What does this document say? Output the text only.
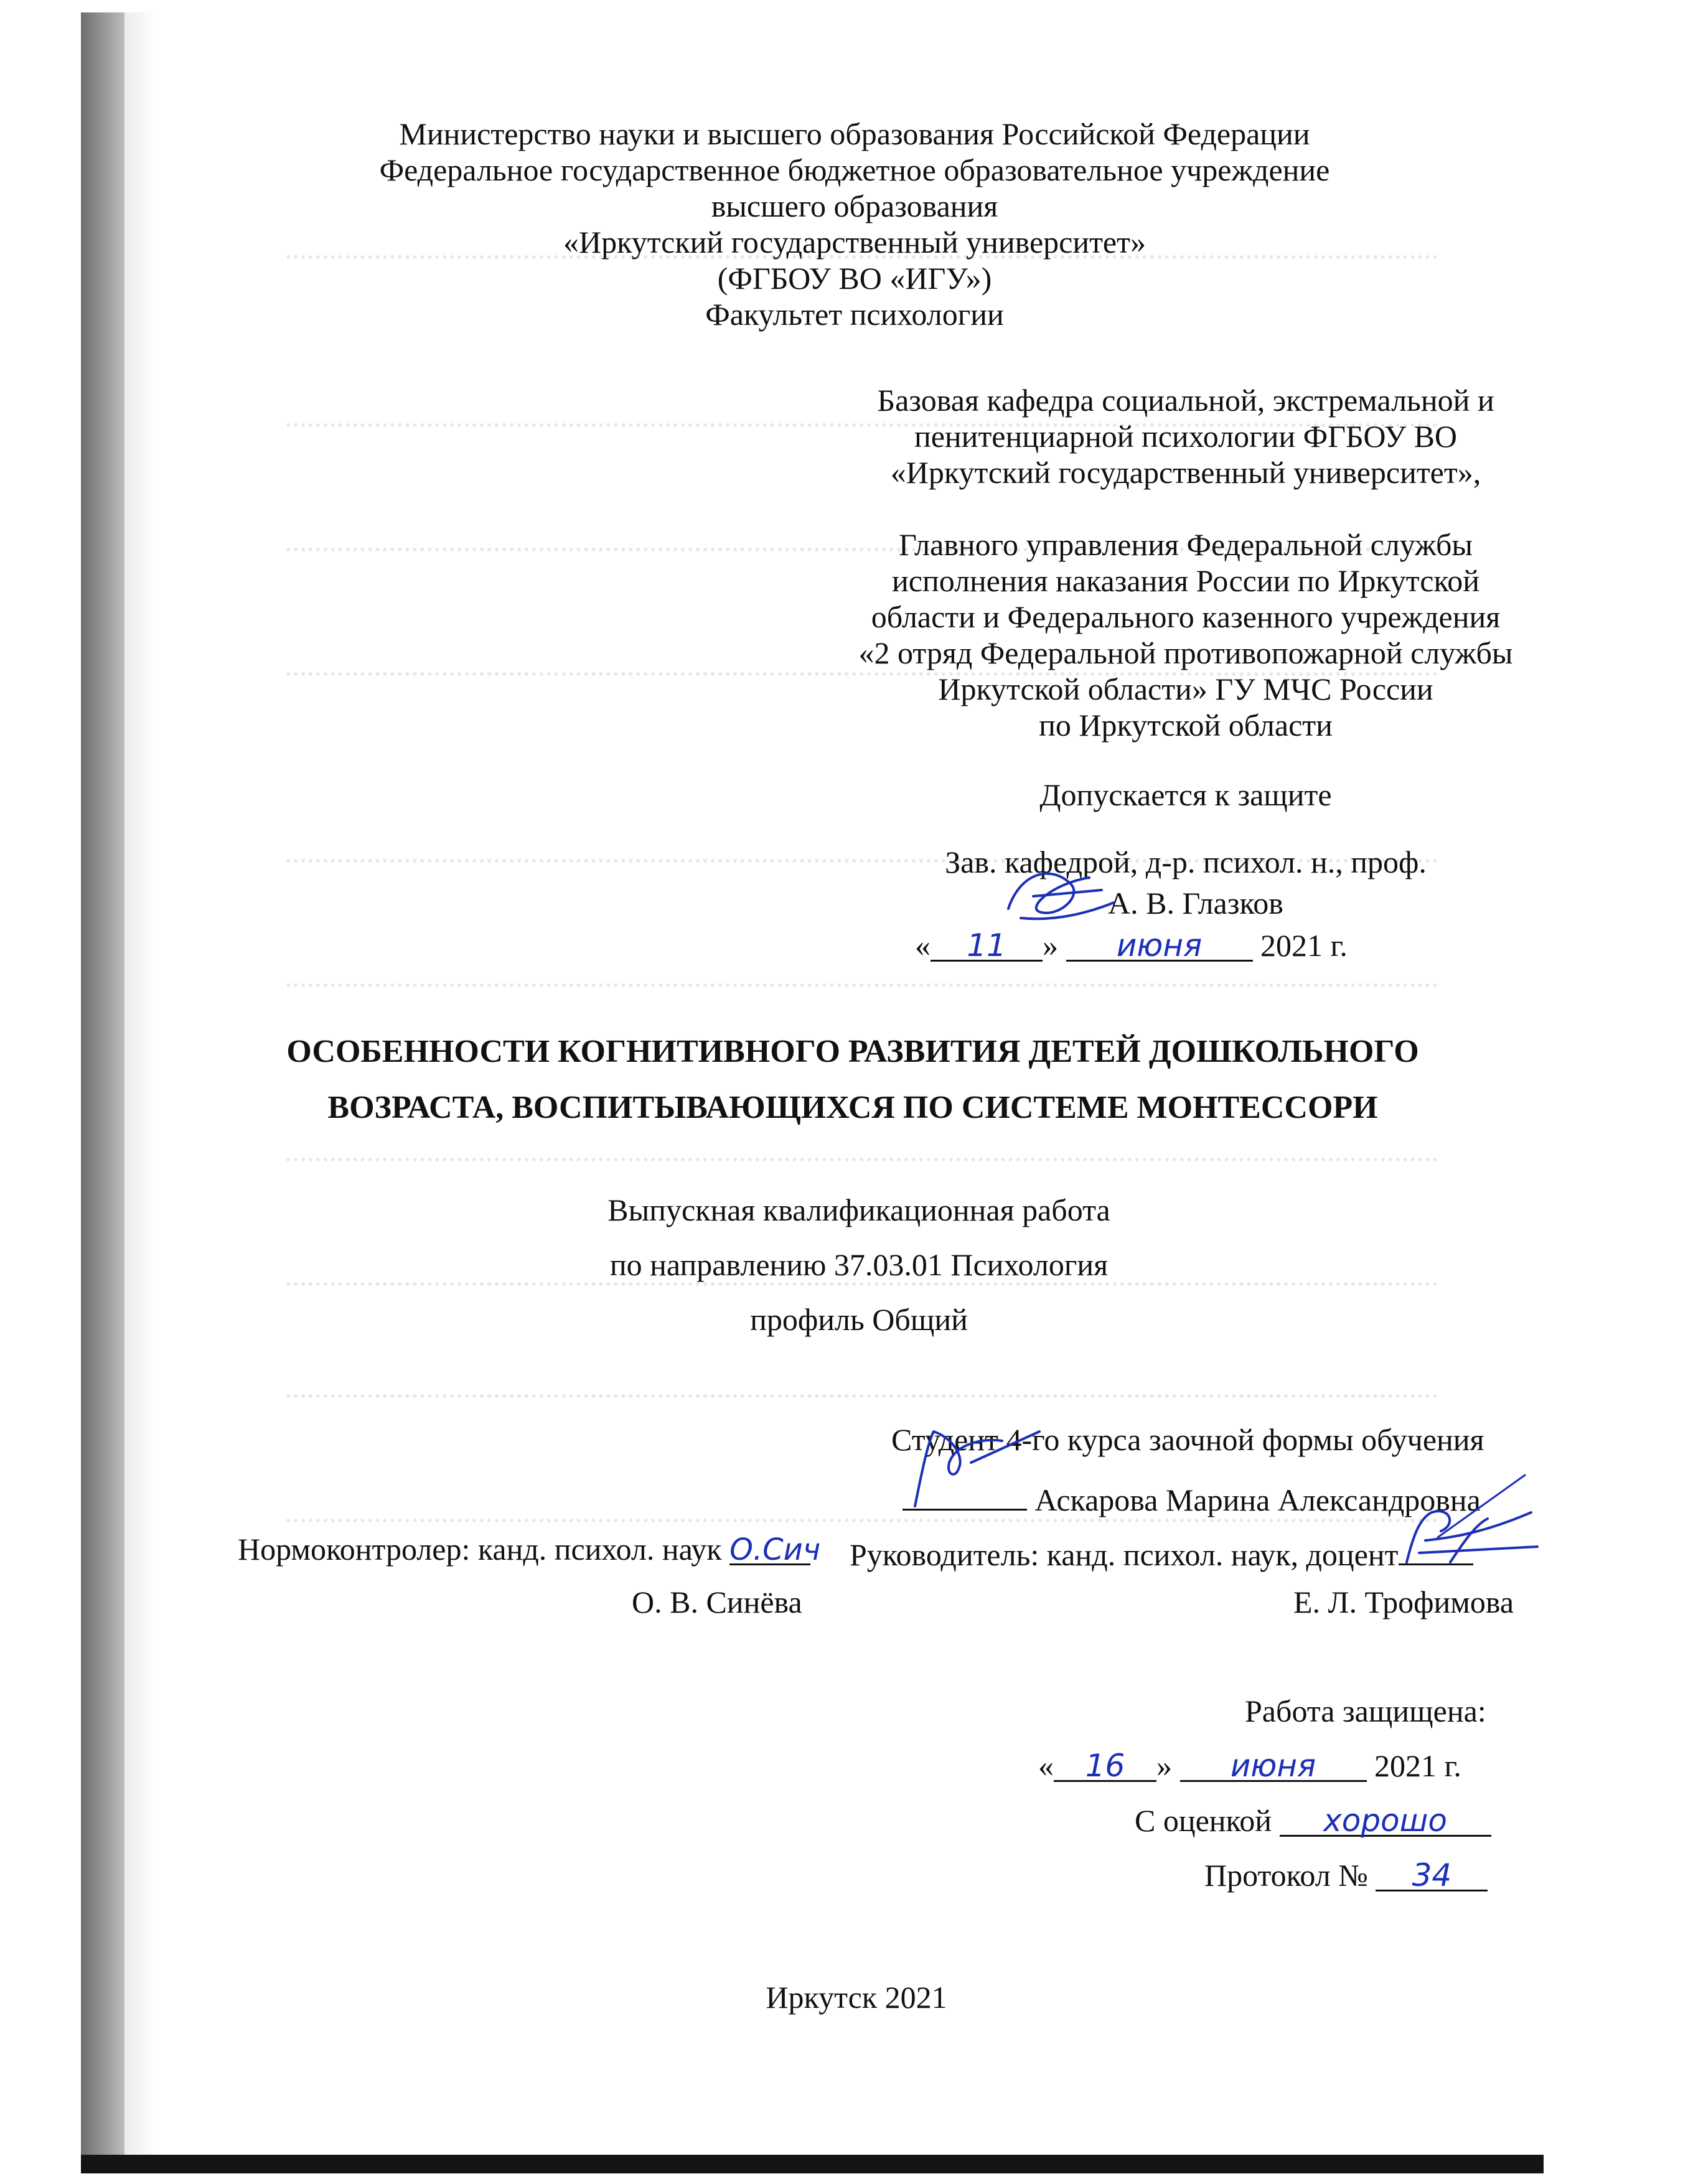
Министерство науки и высшего образования Российской Федерации
Федеральное государственное бюджетное образовательное учреждение
высшего образования
«Иркутский государственный университет»
(ФГБОУ ВО «ИГУ»)
Факультет психологии
Базовая кафедра социальной, экстремальной и
пенитенциарной психологии ФГБОУ ВО
«Иркутский государственный университет»,
Главного управления Федеральной службы
исполнения наказания России по Иркутской
области и Федерального казенного учреждения
«2 отряд Федеральной противопожарной службы
Иркутской области» ГУ МЧС России
по Иркутской области
Допускается к защите
Зав. кафедрой, д-р. психол. н., проф.
А. В. Глазков
« 11 » июня 2021 г.
ОСОБЕННОСТИ КОГНИТИВНОГО РАЗВИТИЯ ДЕТЕЙ ДОШКОЛЬНОГО
ВОЗРАСТА, ВОСПИТЫВАЮЩИХСЯ ПО СИСТЕМЕ МОНТЕССОРИ
Выпускная квалификационная работа
по направлению 37.03.01 Психология
профиль Общий
Студент 4-го курса заочной формы обучения
Аскарова Марина Александровна
Нормоконтролер: канд. психол. наук О.Сич
О. В. Синёва
Руководитель: канд. психол. наук, доцент
Е. Л. Трофимова
Работа защищена:
« 16 » июня 2021 г.
С оценкой хорошо
Протокол № 34
Иркутск 2021
